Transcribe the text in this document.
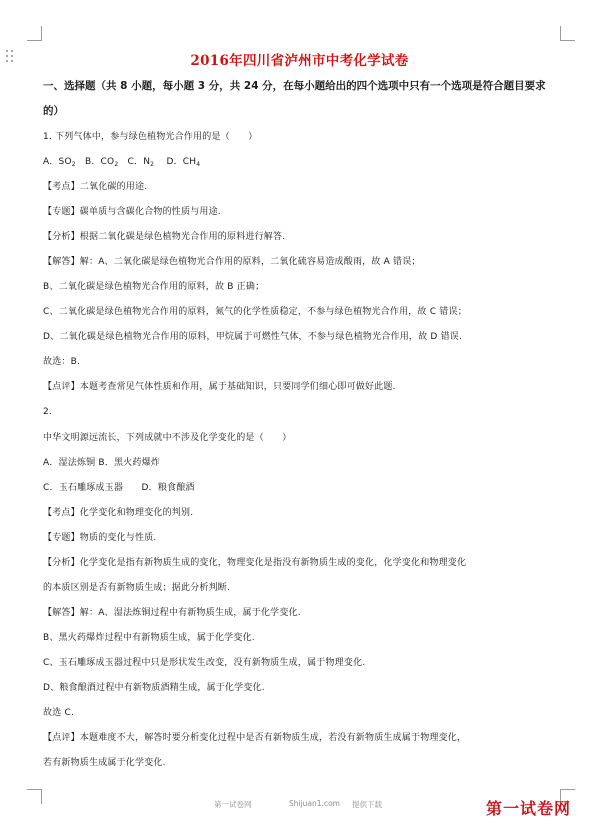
2016年四川省泸州市中考化学试卷
一、选择题（共 8 小题，每小题 3 分，共 24 分，在每小题给出的四个选项中只有一个选项是符合题目要求
的）
1. 下列气体中，参与绿色植物光合作用的是（　　）
A．$SO_2$ B．$CO_2$ C．$N_2$ D．$CH_4$
【考点】二氧化碳的用途.
【专题】碳单质与含碳化合物的性质与用途.
【分析】根据二氧化碳是绿色植物光合作用的原料进行解答.
【解答】解：A、二氧化碳是绿色植物光合作用的原料，二氧化硫容易造成酸雨，故 A 错误；
B、二氧化碳是绿色植物光合作用的原料，故 B 正确；
C、二氧化碳是绿色植物光合作用的原料，氮气的化学性质稳定，不参与绿色植物光合作用，故 C 错误；
D、二氧化碳是绿色植物光合作用的原料，甲烷属于可燃性气体，不参与绿色植物光合作用，故 D 错误.
故选：B.
【点评】本题考查常见气体性质和作用，属于基础知识，只要同学们细心即可做好此题.
2.
中华文明源远流长，下列成就中不涉及化学变化的是（　　）
A．湿法炼铜 B．黑火药爆炸
C．玉石雕琢成玉器　　D．粮食酿酒
【考点】化学变化和物理变化的判别.
【专题】物质的变化与性质.
【分析】化学变化是指有新物质生成的变化，物理变化是指没有新物质生成的变化，化学变化和物理变化
的本质区别是否有新物质生成；据此分析判断.
【解答】解：A、湿法炼铜过程中有新物质生成，属于化学变化.
B、黑火药爆炸过程中有新物质生成，属于化学变化.
C、玉石雕琢成玉器过程中只是形状发生改变，没有新物质生成，属于物理变化.
D、粮食酿酒过程中有新物质酒精生成，属于化学变化.
故选 C.
【点评】本题难度不大，解答时要分析变化过程中是否有新物质生成，若没有新物质生成属于物理变化，
若有新物质生成属于化学变化.
第一试卷网	Shijuan1.com 提供下载	第一试卷网
